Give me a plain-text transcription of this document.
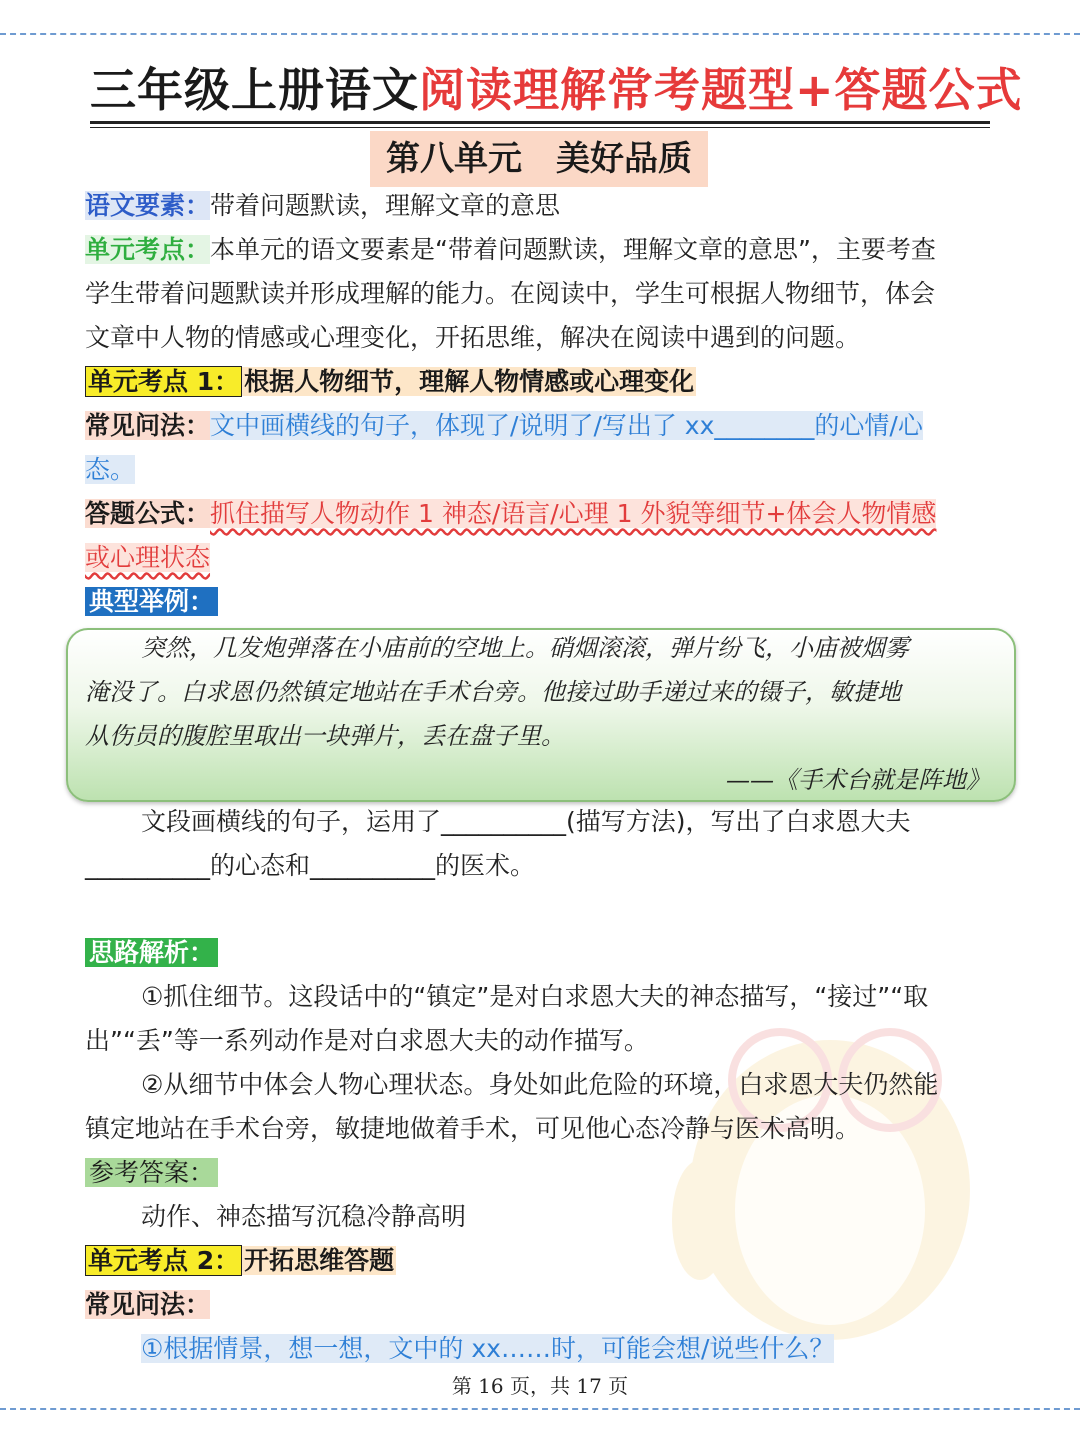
三年级上册语文阅读理解常考题型+答题公式
第八单元　美好品质
语文要素：带着问题默读，理解文章的意思
单元考点：本单元的语文要素是“带着问题默读，理解文章的意思”，主要考查
学生带着问题默读并形成理解的能力。在阅读中，学生可根据人物细节，体会
文章中人物的情感或心理变化，开拓思维，解决在阅读中遇到的问题。
单元考点 1： 根据人物细节，理解人物情感或心理变化
常见问法：文中画横线的句子，体现了/说明了/写出了 xx________的心情/心
态。
答题公式：抓住描写人物动作 1 神态/语言/心理 1 外貌等细节+体会人物情感
或心理状态
典型举例：
突然，几发炮弹落在小庙前的空地上。硝烟滚滚，弹片纷飞，小庙被烟雾
淹没了。白求恩仍然镇定地站在手术台旁。他接过助手递过来的镊子，敏捷地
从伤员的腹腔里取出一块弹片，丢在盘子里。
——《手术台就是阵地》
文段画横线的句子，运用了__________(描写方法)，写出了白求恩大夫
__________的心态和__________的医术。
思路解析：
①抓住细节。这段话中的“镇定”是对白求恩大夫的神态描写，“接过”“取
出”“丢”等一系列动作是对白求恩大夫的动作描写。
②从细节中体会人物心理状态。身处如此危险的环境，白求恩大夫仍然能
镇定地站在手术台旁，敏捷地做着手术，可见他心态冷静与医术高明。
参考答案：
动作、神态描写沉稳冷静高明
单元考点 2： 开拓思维答题
常见问法：
①根据情景，想一想，文中的 xx……时，可能会想/说些什么？
第 16 页，共 17 页
